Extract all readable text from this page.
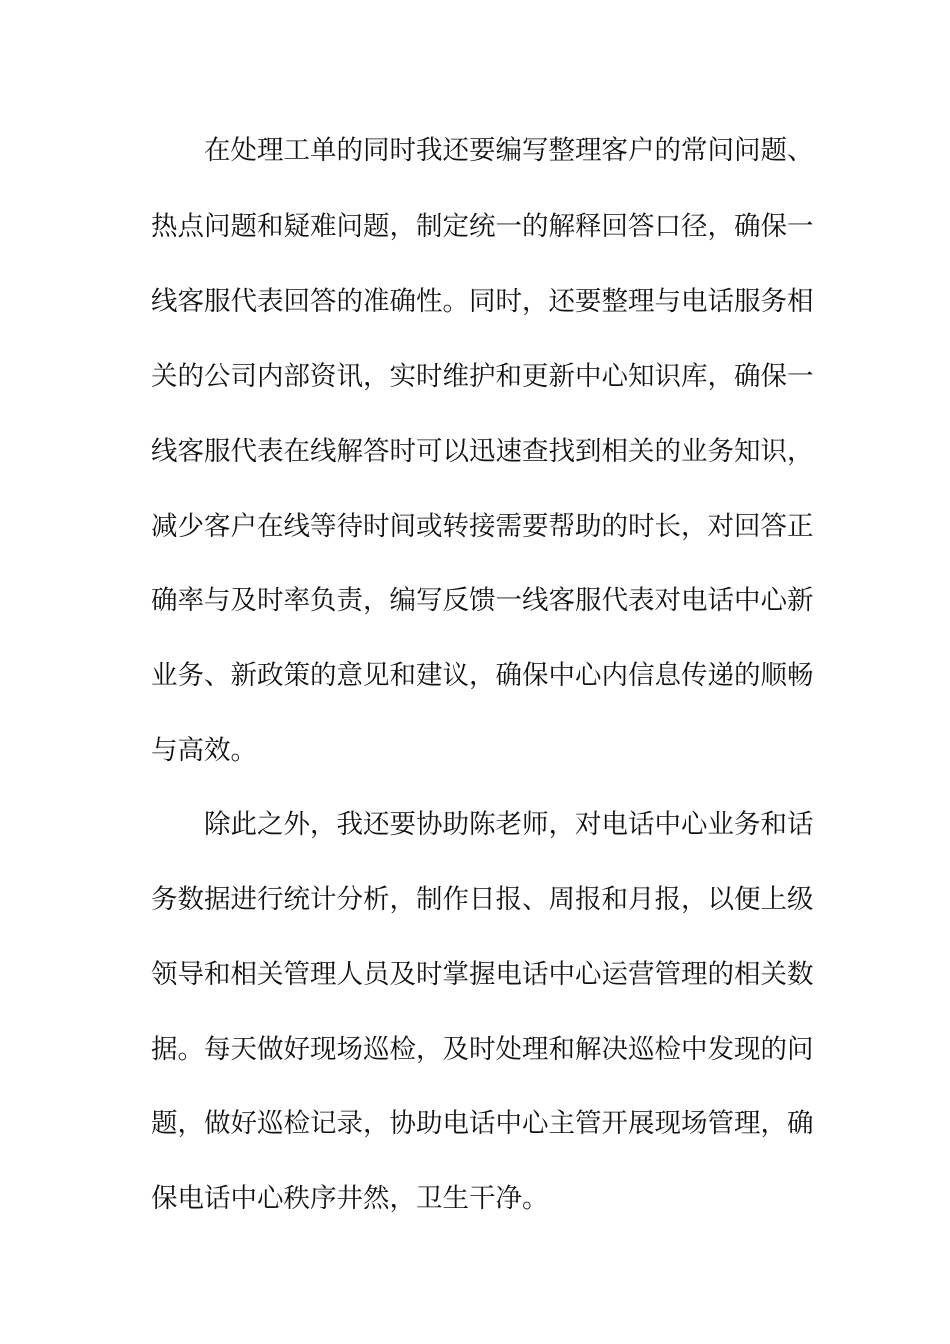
在处理工单的同时我还要编写整理客户的常问问题、
热点问题和疑难问题，制定统一的解释回答口径，确保一
线客服代表回答的准确性。同时，还要整理与电话服务相
关的公司内部资讯，实时维护和更新中心知识库，确保一
线客服代表在线解答时可以迅速查找到相关的业务知识，
减少客户在线等待时间或转接需要帮助的时长，对回答正
确率与及时率负责，编写反馈一线客服代表对电话中心新
业务、新政策的意见和建议，确保中心内信息传递的顺畅
与高效。
除此之外，我还要协助陈老师，对电话中心业务和话
务数据进行统计分析，制作日报、周报和月报，以便上级
领导和相关管理人员及时掌握电话中心运营管理的相关数
据。每天做好现场巡检，及时处理和解决巡检中发现的问
题，做好巡检记录，协助电话中心主管开展现场管理，确
保电话中心秩序井然，卫生干净。
